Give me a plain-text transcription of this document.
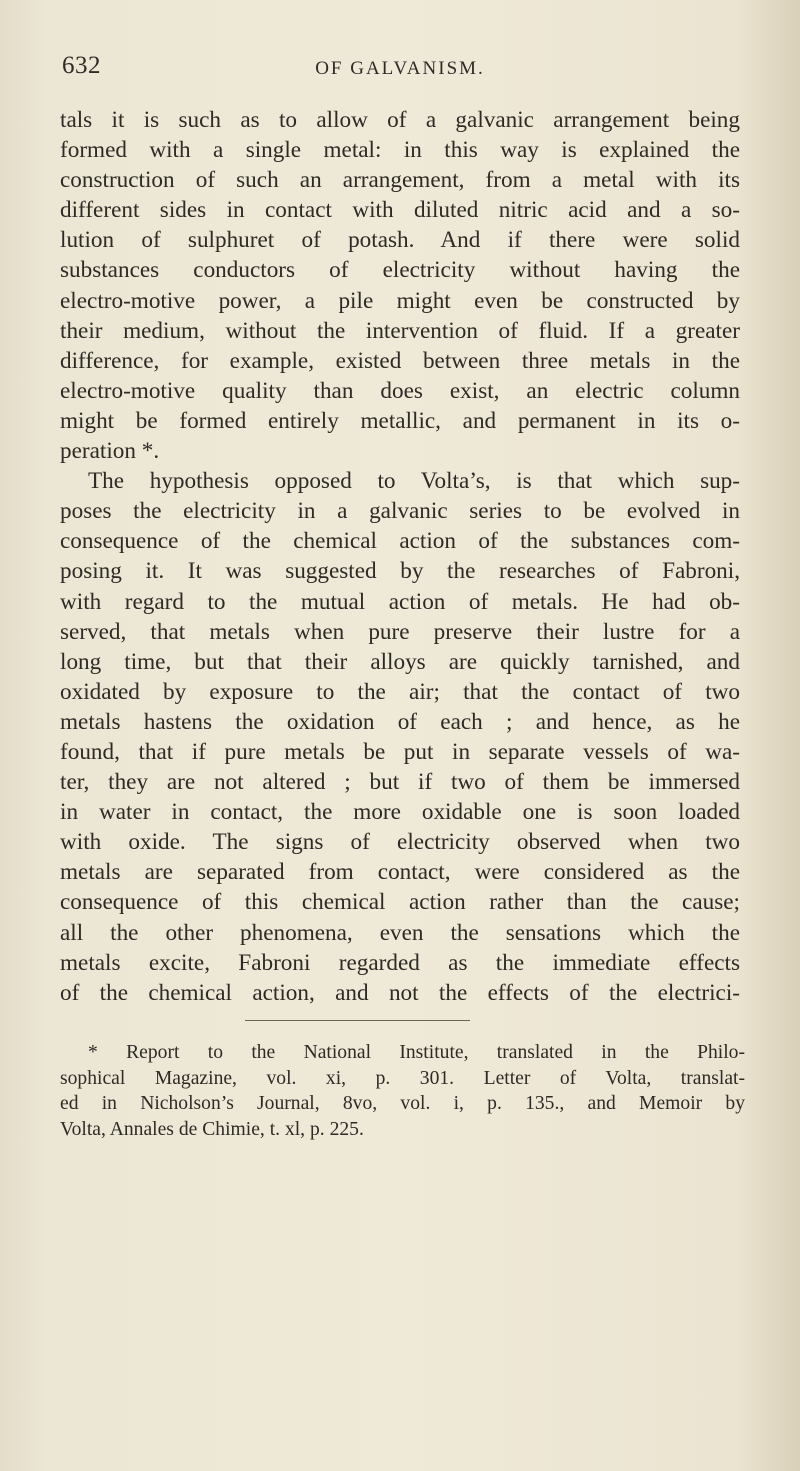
632	OF GALVANISM.
tals it is such as to allow of a galvanic arrangement being
formed with a single metal: in this way is explained the
construction of such an arrangement, from a metal with its
different sides in contact with diluted nitric acid and a so-
lution of sulphuret of potash. And if there were solid
substances conductors of electricity without having the
electro-motive power, a pile might even be constructed by
their medium, without the intervention of fluid. If a greater
difference, for example, existed between three metals in the
electro-motive quality than does exist, an electric column
might be formed entirely metallic, and permanent in its o-
peration *.
The hypothesis opposed to Volta’s, is that which sup-
poses the electricity in a galvanic series to be evolved in
consequence of the chemical action of the substances com-
posing it. It was suggested by the researches of Fabroni,
with regard to the mutual action of metals. He had ob-
served, that metals when pure preserve their lustre for a
long time, but that their alloys are quickly tarnished, and
oxidated by exposure to the air; that the contact of two
metals hastens the oxidation of each ; and hence, as he
found, that if pure metals be put in separate vessels of wa-
ter, they are not altered ; but if two of them be immersed
in water in contact, the more oxidable one is soon loaded
with oxide. The signs of electricity observed when two
metals are separated from contact, were considered as the
consequence of this chemical action rather than the cause;
all the other phenomena, even the sensations which the
metals excite, Fabroni regarded as the immediate effects
of the chemical action, and not the effects of the electrici-
* Report to the National Institute, translated in the Philo-
sophical Magazine, vol. xi, p. 301. Letter of Volta, translat-
ed in Nicholson’s Journal, 8vo, vol. i, p. 135., and Memoir by
Volta, Annales de Chimie, t. xl, p. 225.
